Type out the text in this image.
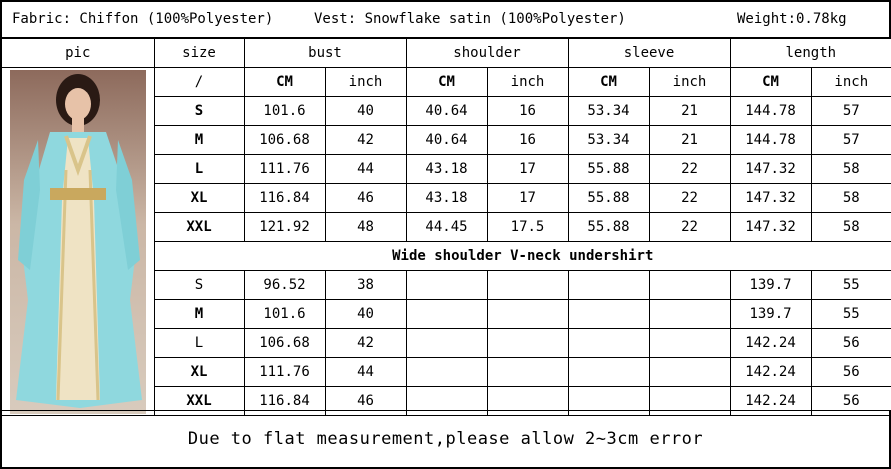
Fabric: Chiffon (100%Polyester)	Vest: Snowflake satin (100%Polyester)	Weight:0.78kg
pic	size	bust		shoulder		sleeve		length	

	/	CM	inch	CM	inch	CM	inch	CM	inch
	S	101.6	40	40.64	16	53.34	21	144.78	57
	M	106.68	42	40.64	16	53.34	21	144.78	57
	L	111.76	44	43.18	17	55.88	22	147.32	58
	XL	116.84	46	43.18	17	55.88	22	147.32	58
	XXL	121.92	48	44.45	17.5	55.88	22	147.32	58
	Wide shoulder V-neck undershirt								
	S	96.52	38					139.7	55
	M	101.6	40					139.7	55
	L	106.68	42					142.24	56
	XL	111.76	44					142.24	56
	XXL	116.84	46					142.24	56
Due to flat measurement,please allow 2~3cm error
